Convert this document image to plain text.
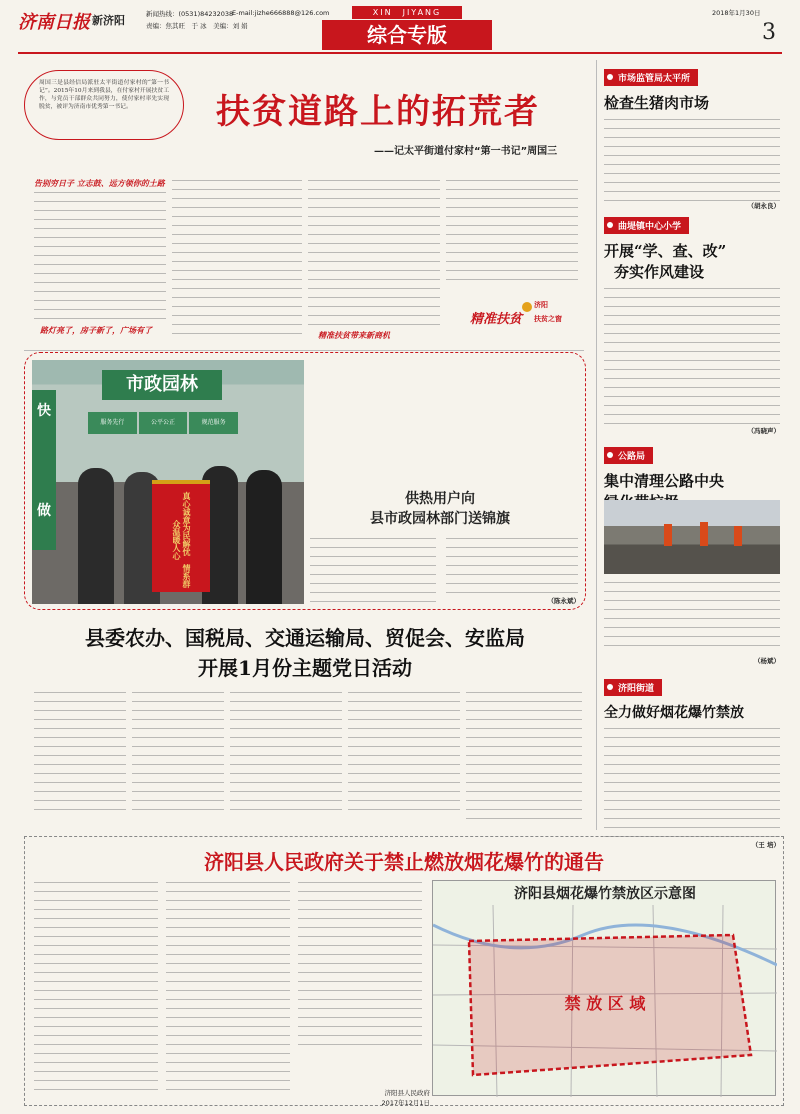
济南日报 新济阳	新闻热线：(0531)84232038
E-mail:jizhe666888@126.com
责编：焦其旺　于 冰　美编：刘 娟
XIN　JIYANG
综合专版
2018年1月30日
3
周国三是县经信局派驻太平街道付家村的“第一书记”。2015年10月来到我县，在付家村开展扶贫工作，与党员干部群众共同努力，使付家村率先实现脱贫，被评为济南市优秀第一书记。	扶贫道路上的拓荒者
——记太平街道付家村“第一书记”周国三
告别穷日子 立志鼓、远方领你的土路
路灯亮了，房子新了，广场有了
精准扶贫带来新商机
精准扶贫
济阳
扶贫之窗
市政园林
快

做
服务先行	公平公正	规范服务
真心诚意为民解忧　情系群众温暖人心
供热用户向
县市政园林部门送锦旗
（陈永斌）
县委农办、国税局、交通运输局、贸促会、安监局
开展1月份主题党日活动
市场监管局太平所
检查生猪肉市场
（胡永良）
曲堤镇中心小学
开展“学、查、改”
夯实作风建设
（冯晓声）
公路局
集中清理公路中央
（杨斌）
济阳街道
全力做好烟花爆竹禁放
（王 培）
济阳县人民政府关于禁止燃放烟花爆竹的通告
济阳县人民政府
2017年12月1日
济阳县烟花爆竹禁放区示意图
禁 放 区 域
